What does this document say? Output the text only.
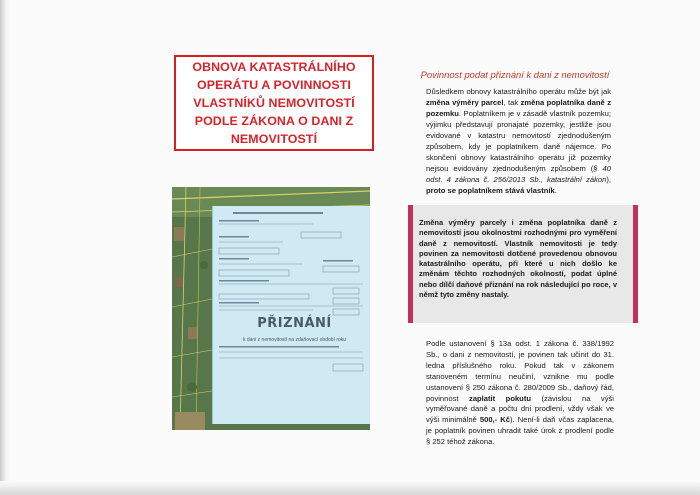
OBNOVA KATASTRÁLNÍHO OPERÁTU A POVINNOSTI VLASTNÍKŮ NEMOVITOSTÍ PODLE ZÁKONA O DANI Z NEMOVITOSTÍ
PŘIZNÁNÍ
k dani z nemovitostí na zdaňovací období roku
Povinnost podat přiznání k dani z nemovitostí
Důsledkem obnovy katastrálního operátu může být jak změna výměry parcel, tak změna poplatníka daně z pozemku. Poplatníkem je v zásadě vlastník pozemku; výjimku představují pronajaté pozemky, jestliže jsou evidované v katastru nemovitostí zjednodušeným způsobem, kdy je poplatníkem daně nájemce. Po skončení obnovy katastrálního operátu již pozemky nejsou evidovány zjednodušeným způsobem (§ 40 odst. 4 zákona č. 256/2013 Sb., katastrální zákon), proto se poplatníkem stává vlastník.
Změna výměry parcely i změna poplatníka daně z nemovitostí jsou okolnostmi rozhodnými pro vyměření daně z nemovitostí. Vlastník nemovitosti je tedy povinen za nemovitosti dotčené provedenou obnovou katastrálního operátu, při které u nich došlo ke změnám těchto rozhodných okolností, podat úplné nebo dílčí daňové přiznání na rok následující po roce, v němž tyto změny nastaly.
Podle ustanovení § 13a odst. 1 zákona č. 338/1992 Sb., o dani z nemovitostí, je povinen tak učinit do 31. ledna příslušného roku. Pokud tak v zákonem stanoveném termínu neučiní, vznikne mu podle ustanovení § 250 zákona č. 280/2009 Sb., daňový řád, povinnost zaplatit pokutu (závislou na výši vyměřované daně a počtu dní prodlení, vždy však ve výši minimálně 500,- Kč). Není-li daň včas zaplacena, je poplatník povinen uhradit také úrok z prodlení podle § 252 téhož zákona.
